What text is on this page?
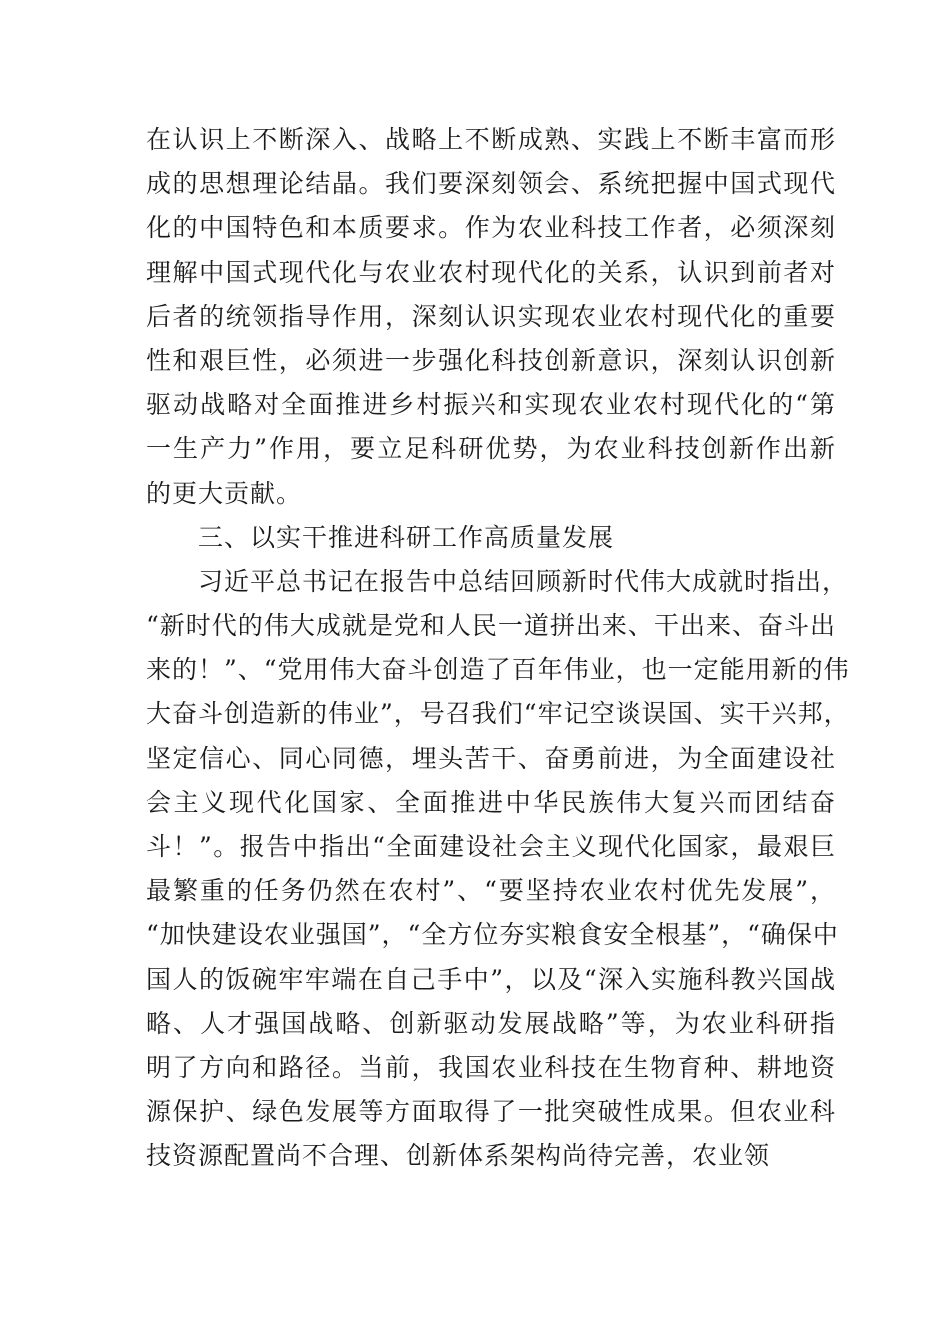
在认识上不断深入、战略上不断成熟、实践上不断丰富而形
成的思想理论结晶。我们要深刻领会、系统把握中国式现代
化的中国特色和本质要求。作为农业科技工作者，必须深刻
理解中国式现代化与农业农村现代化的关系，认识到前者对
后者的统领指导作用，深刻认识实现农业农村现代化的重要
性和艰巨性，必须进一步强化科技创新意识，深刻认识创新
驱动战略对全面推进乡村振兴和实现农业农村现代化的“第
一生产力”作用，要立足科研优势，为农业科技创新作出新
的更大贡献。
三、以实干推进科研工作高质量发展
习近平总书记在报告中总结回顾新时代伟大成就时指出，
“新时代的伟大成就是党和人民一道拼出来、干出来、奋斗出
来的！”、“党用伟大奋斗创造了百年伟业，也一定能用新的伟
大奋斗创造新的伟业”，号召我们“牢记空谈误国、实干兴邦，
坚定信心、同心同德，埋头苦干、奋勇前进，为全面建设社
会主义现代化国家、全面推进中华民族伟大复兴而团结奋
斗！”。报告中指出“全面建设社会主义现代化国家，最艰巨
最繁重的任务仍然在农村”、“要坚持农业农村优先发展”，
“加快建设农业强国”，“全方位夯实粮食安全根基”，“确保中
国人的饭碗牢牢端在自己手中”，以及“深入实施科教兴国战
略、人才强国战略、创新驱动发展战略”等，为农业科研指
明了方向和路径。当前，我国农业科技在生物育种、耕地资
源保护、绿色发展等方面取得了一批突破性成果。但农业科
技资源配置尚不合理、创新体系架构尚待完善，农业领
